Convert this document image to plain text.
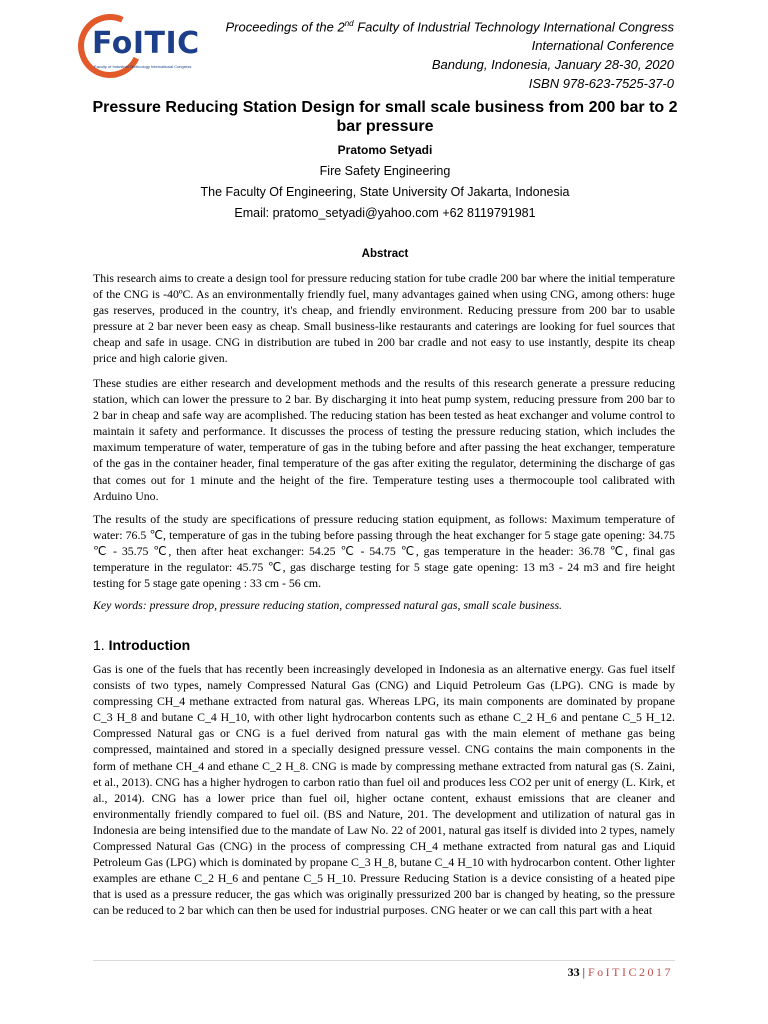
FoITIC
Faculty of Industrial Technology International Congress
Proceedings of the 2nd Faculty of Industrial Technology International Congress
International Conference
Bandung, Indonesia, January 28-30, 2020
ISBN 978-623-7525-37-0
Pressure Reducing Station Design for small scale business from 200 bar to 2 bar pressure
Pratomo Setyadi
Fire Safety Engineering
The Faculty Of Engineering, State University Of Jakarta, Indonesia
Email: pratomo_setyadi@yahoo.com +62 8119791981
Abstract
This research aims to create a design tool for pressure reducing station for tube cradle 200 bar where the initial temperature of the CNG is -40ºC. As an environmentally friendly fuel, many advantages gained when using CNG, among others: huge gas reserves, produced in the country, it's cheap, and friendly environment. Reducing pressure from 200 bar to usable pressure at 2 bar never been easy as cheap. Small business-like restaurants and caterings are looking for fuel sources that cheap and safe in usage. CNG in distribution are tubed in 200 bar cradle and not easy to use instantly, despite its cheap price and high calorie given.
These studies are either research and development methods and the results of this research generate a pressure reducing station, which can lower the pressure to 2 bar. By discharging it into heat pump system, reducing pressure from 200 bar to 2 bar in cheap and safe way are acomplished. The reducing station has been tested as heat exchanger and volume control to maintain it safety and performance. It discusses the process of testing the pressure reducing station, which includes the maximum temperature of water, temperature of gas in the tubing before and after passing the heat exchanger, temperature of the gas in the container header, final temperature of the gas after exiting the regulator, determining the discharge of gas that comes out for 1 minute and the height of the fire. Temperature testing uses a thermocouple tool calibrated with Arduino Uno.
The results of the study are specifications of pressure reducing station equipment, as follows: Maximum temperature of water: 76.5 ℃, temperature of gas in the tubing before passing through the heat exchanger for 5 stage gate opening: 34.75 ℃ - 35.75 ℃, then after heat exchanger: 54.25 ℃ - 54.75 ℃, gas temperature in the header: 36.78 ℃, final gas temperature in the regulator: 45.75 ℃, gas discharge testing for 5 stage gate opening: 13 m3 - 24 m3 and fire height testing for 5 stage gate opening : 33 cm - 56 cm.
Key words: pressure drop, pressure reducing station, compressed natural gas, small scale business.
1. Introduction
Gas is one of the fuels that has recently been increasingly developed in Indonesia as an alternative energy. Gas fuel itself consists of two types, namely Compressed Natural Gas (CNG) and Liquid Petroleum Gas (LPG). CNG is made by compressing CH_4 methane extracted from natural gas. Whereas LPG, its main components are dominated by propane C_3 H_8 and butane C_4 H_10, with other light hydrocarbon contents such as ethane C_2 H_6 and pentane C_5 H_12. Compressed Natural gas or CNG is a fuel derived from natural gas with the main element of methane gas being compressed, maintained and stored in a specially designed pressure vessel. CNG contains the main components in the form of methane CH_4 and ethane C_2 H_8. CNG is made by compressing methane extracted from natural gas (S. Zaini, et al., 2013). CNG has a higher hydrogen to carbon ratio than fuel oil and produces less CO2 per unit of energy (L. Kirk, et al., 2014). CNG has a lower price than fuel oil, higher octane content, exhaust emissions that are cleaner and environmentally friendly compared to fuel oil. (BS and Nature, 201. The development and utilization of natural gas in Indonesia are being intensified due to the mandate of Law No. 22 of 2001, natural gas itself is divided into 2 types, namely Compressed Natural Gas (CNG) in the process of compressing CH_4 methane extracted from natural gas and Liquid Petroleum Gas (LPG) which is dominated by propane C_3 H_8, butane C_4 H_10 with hydrocarbon content. Other lighter examples are ethane C_2 H_6 and pentane C_5 H_10. Pressure Reducing Station is a device consisting of a heated pipe that is used as a pressure reducer, the gas which was originally pressurized 200 bar is changed by heating, so the pressure can be reduced to 2 bar which can then be used for industrial purposes. CNG heater or we can call this part with a heat
33 | FoITIC2017
